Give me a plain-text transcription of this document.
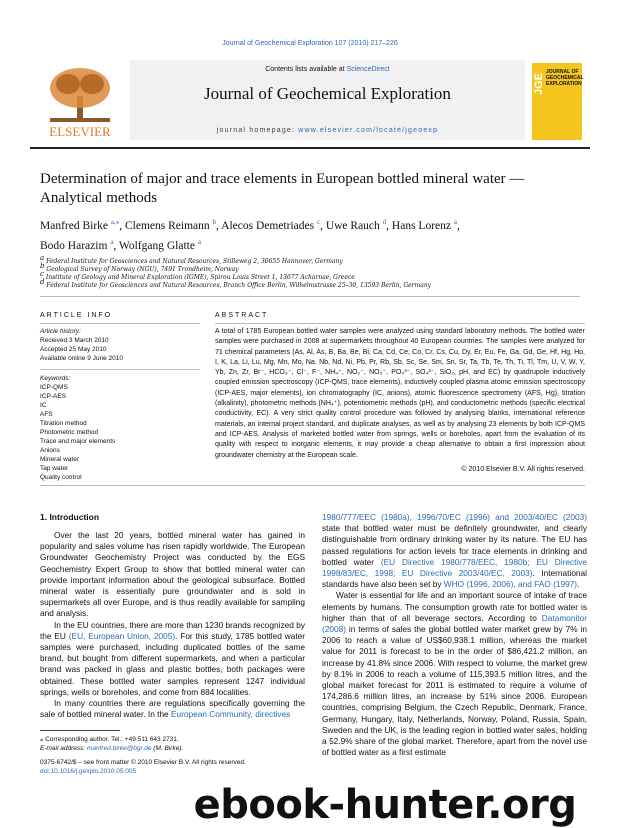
Journal of Geochemical Exploration 107 (2010) 217–226
Contents lists available at ScienceDirect
Journal of Geochemical Exploration
journal homepage: www.elsevier.com/locate/jgeoexp
ELSEVIER
JGE
JOURNAL OF GEOCHEMICAL EXPLORATION
Determination of major and trace elements in European bottled mineral water — Analytical methods
Manfred Birke $^{a,⁎}$, Clemens Reimann $^b$, Alecos Demetriades $^c$, Uwe Rauch $^d$, Hans Lorenz $^a$,
Bodo Harazim $^a$, Wolfgang Glatte $^a$
$^a$ Federal Institute for Geosciences and Natural Resources, Stilleweg 2, 30655 Hannover, Germany
$^b$ Geological Survey of Norway (NGU), 7491 Trondheim, Norway
$^c$ Institute of Geology and Mineral Exploration (IGME), Spirou Louis Street 1, 13677 Acharnae, Greece
$^d$ Federal Institute for Geosciences and Natural Resources, Branch Office Berlin, Wilhelmstrasse 25–30, 13593 Berlin, Germany
ARTICLE INFO
Article history:
Received 3 March 2010
Accepted 25 May 2010
Available online 9 June 2010
Keywords:
ICP-QMS
ICP-AES
IC
AFS
Titration method
Photometric method
Trace and major elements
Anions
Mineral water
Tap water
Quality control
ABSTRACT
A total of 1785 European bottled water samples were analyzed using standard laboratory methods. The bottled water samples were purchased in 2008 at supermarkets throughout 40 European countries. The samples were analyzed for 71 chemical parameters (As, Al, As, B, Ba, Be, Bi, Ca, Cd, Ce, Co, Cr, Cs, Cu, Dy, Er, Eu, Fe, Ga, Gd, Ge, Hf, Hg, Ho, I, K, La, Li, Lu, Mg, Mn, Mo, Na, Nb, Nd, Ni, Pb, Pr, Rb, Sb, Sc, Se, Sm, Sn, Sr, Ta, Tb, Te, Th, Ti, Tl, Tm, U, V, W, Y, Yb, Zn, Zr, Br⁻, HCO₃⁻, Cl⁻, F⁻, NH₄⁺, NO₂⁻, NO₃⁻, PO₄³⁻, SO₄²⁻, SiO₂, pH, and EC) by quadrupole inductively coupled emission spectroscopy (ICP-QMS, trace elements), inductively coupled plasma atomic emission spectroscopy (ICP-AES, major elements), ion chromatography (IC, anions), atomic fluorescence spectrometry (AFS, Hg), titration (alkalinity), photometric methods (NH₄⁺), potentiometric methods (pH), and conductometric methods (specific electrical conductivity, EC). A very strict quality control procedure was followed by analysing blanks, international reference materials, an internal project standard, and duplicate analyses, as well as by analysing 23 elements by both ICP-QMS and ICP-AES. Analysis of marketed bottled water from springs, wells or boreholes, apart from the evaluation of its quality with respect to inorganic elements, it may provide a cheap alternative to obtain a first impression about groundwater chemistry at the European scale.
© 2010 Elsevier B.V. All rights reserved.
1. Introduction

Over the last 20 years, bottled mineral water has gained in popularity and sales volume has risen rapidly worldwide. The European Groundwater Geochemistry Project was conducted by the EGS Geochemistry Expert Group to show that bottled mineral water can provide important information about the geological subsurface. Bottled mineral water is essentially pure groundwater and is sold in supermarkets all over Europe, and is thus readily available for sampling and analysis.

In the EU countries, there are more than 1230 brands recognized by the EU (EU, European Union, 2005). For this study, 1785 bottled water samples were purchased, including duplicated bottles of the same brand, but bought from different supermarkets, and when a particular brand was packed in glass and plastic bottles, both packages were obtained. These bottled water samples represent 1247 individual springs, wells or boreholes, and come from 884 localities.

In many countries there are regulations specifically governing the sale of bottled mineral water. In the European Community, directives

1980/777/EEC (1980a), 1996/70/EC (1996) and 2003/40/EC (2003) state that bottled water must be definitely groundwater, and clearly distinguishable from ordinary drinking water by its nature. The EU has passed regulations for action levels for trace elements in drinking and bottled water (EU Directive 1980/778/EEC, 1980b; EU Directive 1998/83/EC, 1998; EU Directive 2003/40/EC, 2003). International standards have also been set by WHO (1996, 2006), and FAO (1997).

Water is essential for life and an important source of intake of trace elements by humans. The consumption growth rate for bottled water is higher than that of all beverage sectors. According to Datamonitor (2008) in terms of sales the global bottled water market grew by 7% in 2006 to reach a value of US$60,938.1 million, whereas the market value for 2011 is forecast to be in the order of $86,421.2 million, an increase by 41.8% since 2006. With respect to volume, the market grew by 8.1% in 2006 to reach a volume of 115,393.5 million litres, and the global market forecast for 2011 is estimated to require a volume of 174,286.6 million litres, an increase by 51% since 2006. European countries, comprising Belgium, the Czech Republic, Denmark, France, Germany, Hungary, Italy, Netherlands, Norway, Poland, Russia, Spain, Sweden and the UK, is the leading region in bottled water sales, holding a 52.9% share of the global market. Therefore, apart from the novel use of bottled water as a first estimate

⁎ Corresponding author. Tel.: +49 511 643 2731.
E-mail address: manfred.birke@bgr.de (M. Birke).
0375-6742/$ – see front matter © 2010 Elsevier B.V. All rights reserved.
doi:10.1016/j.gexplo.2010.05.005
ebook-hunter.org
